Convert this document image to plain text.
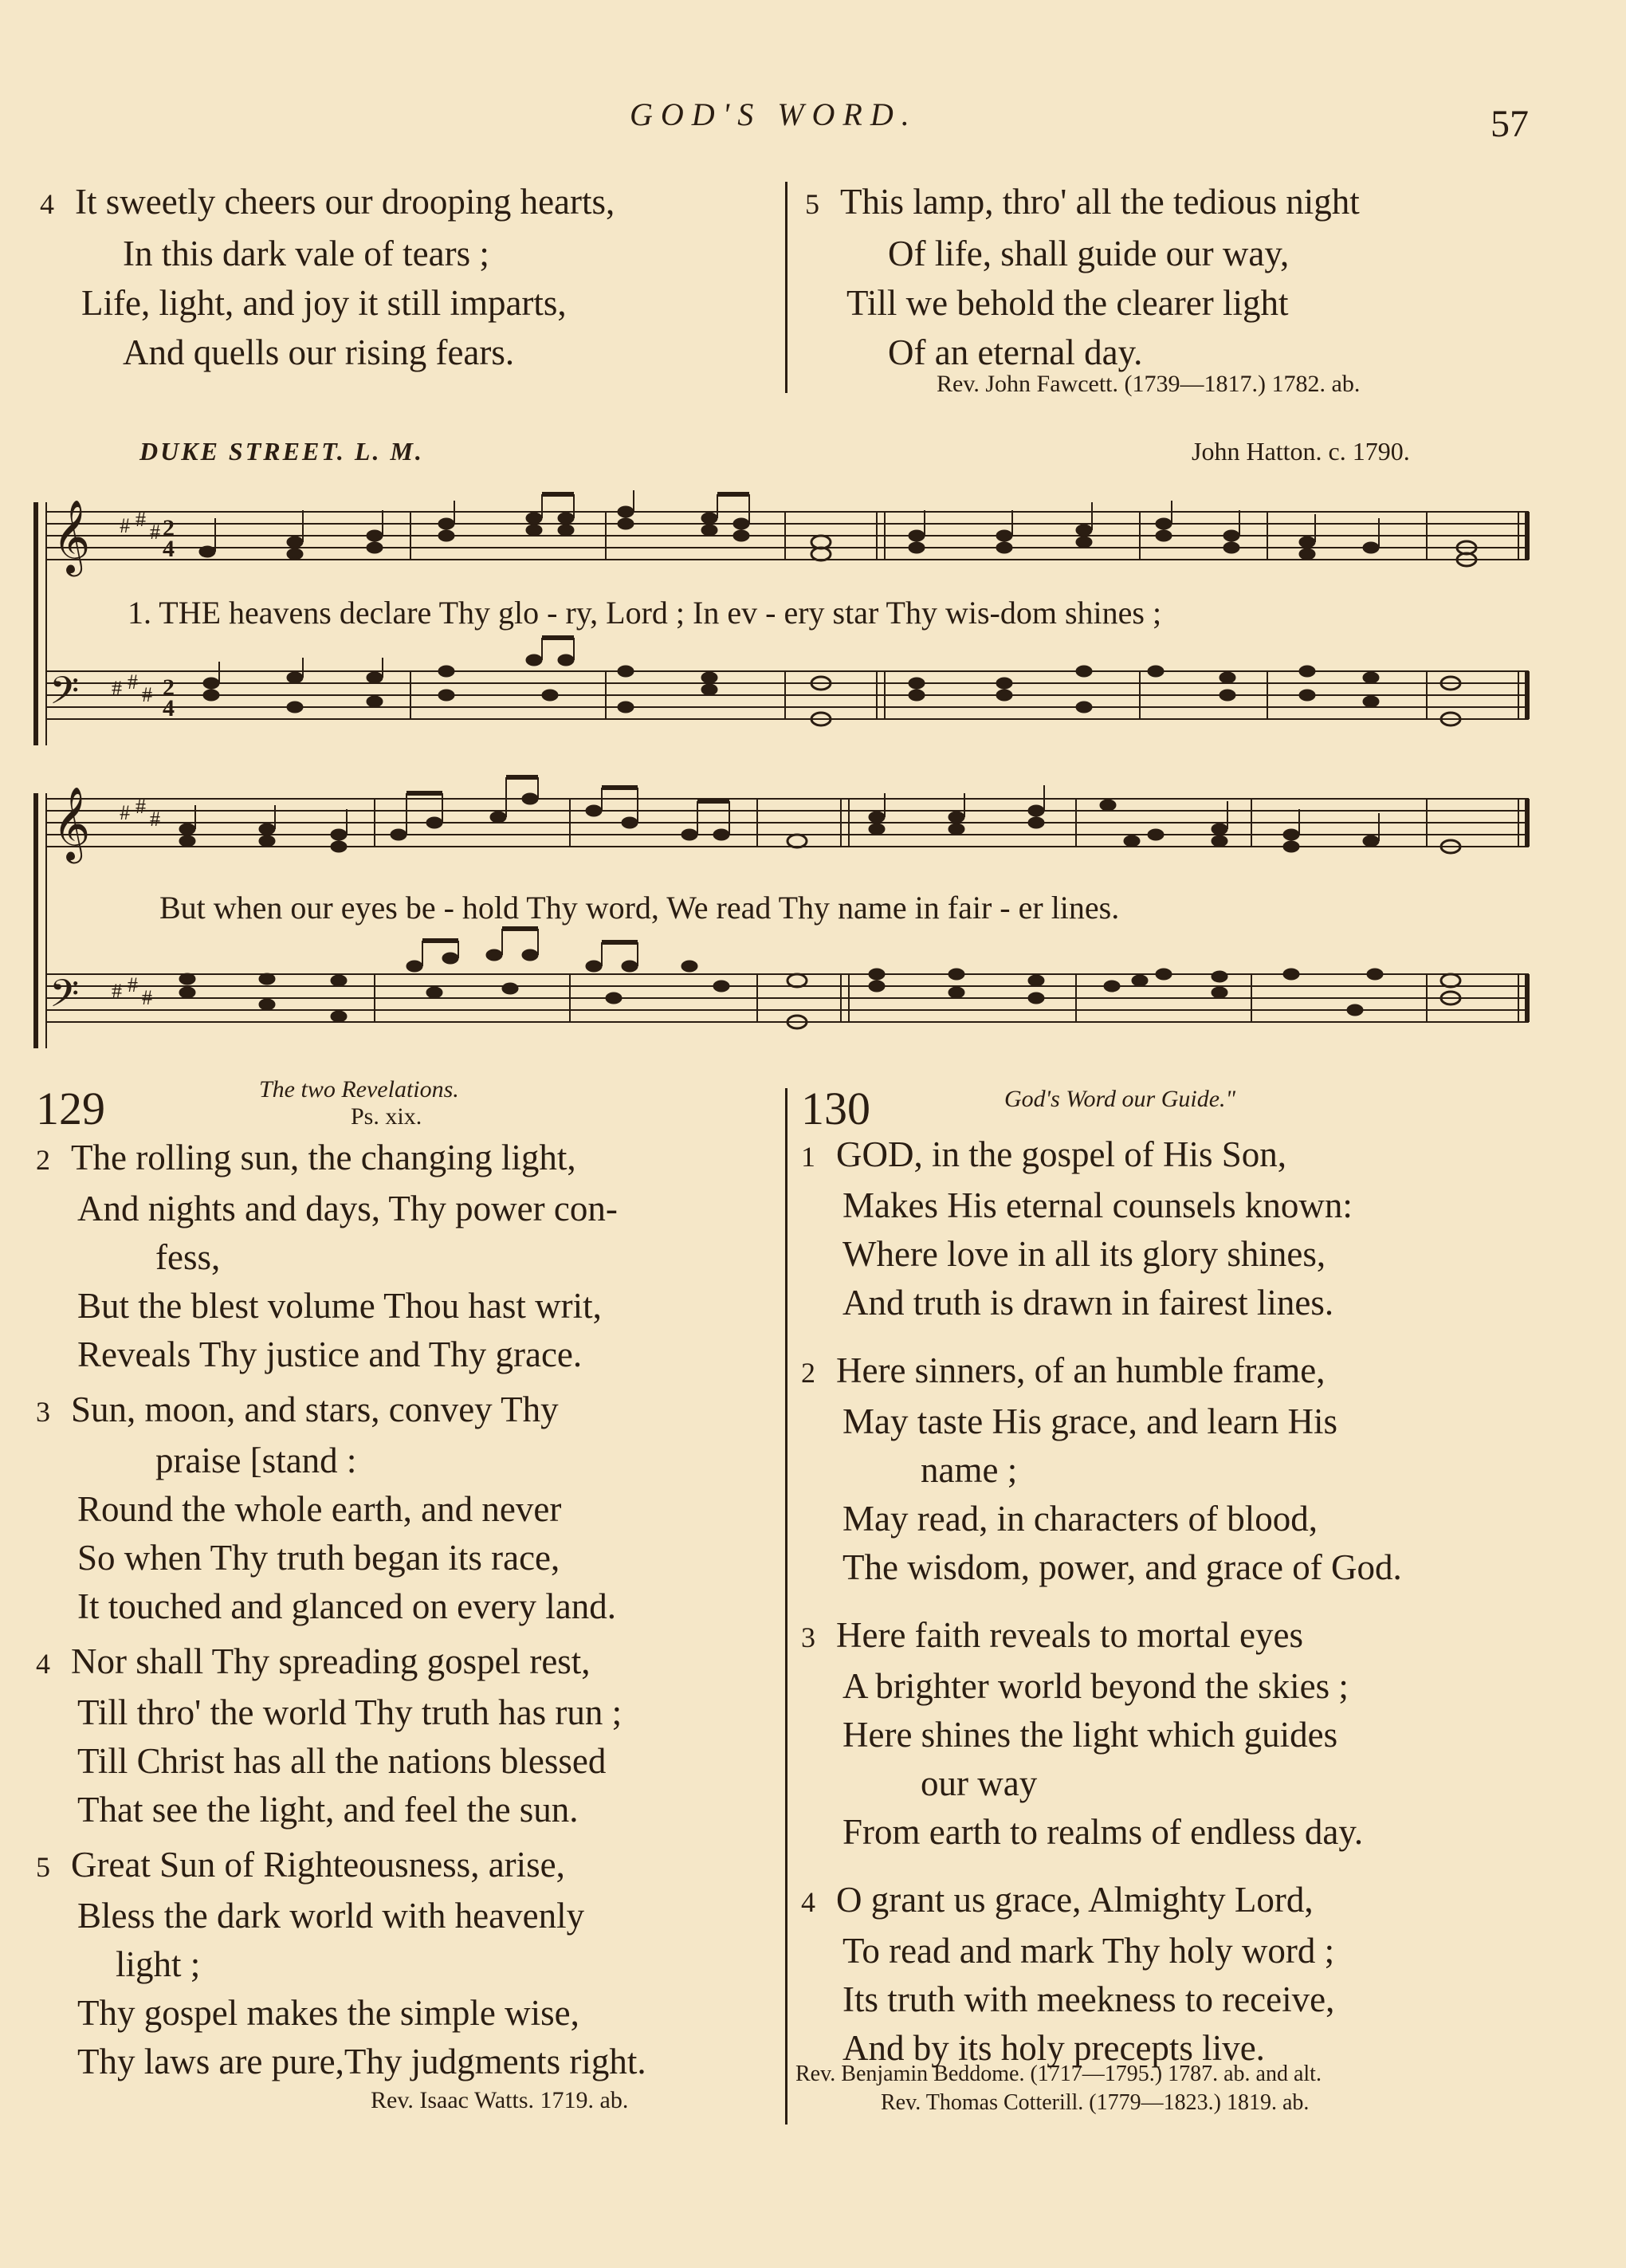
GOD'S WORD.	57
4 It sweetly cheers our drooping hearts,
In this dark vale of tears ;
Life, light, and joy it still imparts,
And quells our rising fears.
5 This lamp, thro' all the tedious night
Of life, shall guide our way,
Till we behold the clearer light
Of an eternal day.
Rev. John Fawcett. (1739—1817.) 1782. ab.
DUKE STREET. L. M.	John Hatton. c. 1790.
𝄞
𝄢
# #
# 2
4
# #
# 2
4
𝄞
𝄢
# #
#
# #
#
1. THE heavens declare Thy glo - ry, Lord ; In ev - ery star Thy wis-dom shines ;
But when our eyes be - hold Thy word, We read Thy name in fair - er lines.
129	The two Revelations.
Ps. xix.
2 The rolling sun, the changing light,
And nights and days, Thy power con-
fess,
But the blest volume Thou hast writ,
Reveals Thy justice and Thy grace.
3 Sun, moon, and stars, convey Thy
praise [stand :
Round the whole earth, and never
So when Thy truth began its race,
It touched and glanced on every land.
4 Nor shall Thy spreading gospel rest,
Till thro' the world Thy truth has run ;
Till Christ has all the nations blessed
That see the light, and feel the sun.
5 Great Sun of Righteousness, arise,
Bless the dark world with heavenly
light ;
Thy gospel makes the simple wise,
Thy laws are pure,Thy judgments right.
Rev. Isaac Watts. 1719. ab.
130	God's Word our Guide."
1 GOD, in the gospel of His Son,
Makes His eternal counsels known:
Where love in all its glory shines,
And truth is drawn in fairest lines.
2 Here sinners, of an humble frame,
May taste His grace, and learn His
name ;
May read, in characters of blood,
The wisdom, power, and grace of God.
3 Here faith reveals to mortal eyes
A brighter world beyond the skies ;
Here shines the light which guides
our way
From earth to realms of endless day.
4 O grant us grace, Almighty Lord,
To read and mark Thy holy word ;
Its truth with meekness to receive,
And by its holy precepts live.
Rev. Benjamin Beddome. (1717—1795.) 1787. ab. and alt.
Rev. Thomas Cotterill. (1779—1823.) 1819. ab.
